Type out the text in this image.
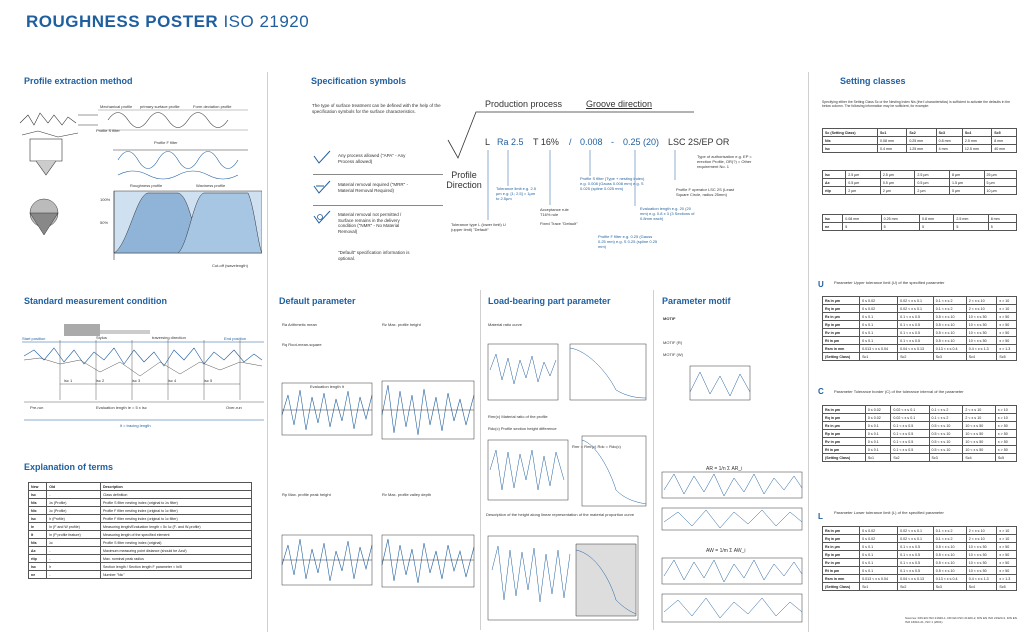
ROUGHNESS POSTER ISO 21920
Profile extraction method
Mechanical profile primary surface profile	Form deviation profile
Profile S filter
Profile F filter
Roughness profile	Waviness profile
100%
50%
Cut-off (wavelength)
Specification symbols
The type of surface treatment can be defined with the help of the specification symbols for the surface characteristics.
Any process allowed ("APA" - Any Process allowed)
Material removal required ("MRR" - Material Removal Required)
Material removal not permitted / Surface remains in the delivery condition ("NMR" - No Material Removal)
"Default" specification information is optional.
Production process	Groove direction
L Ra 2.5 T 16% / 0.008 - 0.25 (20) LSC 2S/EP OR
Profile Direction
Tolerance type L (lower limit) U (upper limit) "Default"
Tolerance limit e.g. 2.5 µm e.g. [1; 2.5] = 1µm to 2.5µm
Acceptance rule T16% rule
Fixed Trace "Default"
Profile S filter (Type + nesting index) e.g. 0.008 (Gauss 0.008 mm) e.g. S 0.025 (spline 0.025 mm)
Evaluation length e.g. 20 (20 mm) e.g. 0.8 x 3 (3 Sections of 0.8mm each)
Profile F filter e.g. 0.25 (Gauss 0.25 mm) e.g. S 0.25 (spline 0.25 mm)
Profile F operator LSC 2S (Least Square Circle, radius 25mm)
Type of authorisation e.g. EP = erection Profile, OR(?) = Other requirement No. 1
Setting classes
Specifying either the Setting Class Sc or the Nesting Index Nis (the f-characteristics) is sufficient to activate the defaults in the below column. The following information may be sufficient, for example:
Sc (Setting Class)	Sc1	Sc2	Sc3	Sc4	Sc5
Nis	0.08 mm	0.25 mm	0.8 mm	2.5 mm	8 mm
lsc	0.4 mm	1.25 mm	4 mm	12.5 mm	40 mm
lsc	2.5 µm	2.5 µm	2.5 µm	8 µm	25 µm
Δx	0.5 µm	0.5 µm	0.5 µm	1.5 µm	5 µm
rtip	2 µm	2 µm	2 µm	5 µm	10 µm
lsc	0.08 mm	0.25 mm	0.8 mm	2.5 mm	8 mm
ne	5	5	5	5	5
U	Parameter Upper tolerance limit (U) of the specified parameter
Ra in µm	0 ≤ 0.02	0.02 < x ≤ 0.1	0.1 < x ≤ 2	2 < x ≤ 10	x > 10
Rq in µm	0 ≤ 0.02	0.02 < x ≤ 0.1	0.1 < x ≤ 2	2 < x ≤ 10	x > 10
Rz in µm	0 ≤ 0.1	0.1 < x ≤ 0.5	0.5 < x ≤ 10	10 < x ≤ 50	x > 50
Rp in µm	0 ≤ 0.1	0.1 < x ≤ 0.5	0.5 < x ≤ 10	10 < x ≤ 50	x > 50
Rv in µm	0 ≤ 0.1	0.1 < x ≤ 0.5	0.5 < x ≤ 10	10 < x ≤ 50	x > 50
Rt in µm	0 ≤ 0.1	0.1 < x ≤ 0.5	0.5 < x ≤ 10	10 < x ≤ 50	x > 50
Rsm in mm	0.013 < x ≤ 0.04	0.04 < x ≤ 0.13	0.13 < x ≤ 0.4	0.4 < x ≤ 1.3	x > 1.3
(Setting Class)	Sc1	Sc2	Sc3	Sc4	Sc5
C	Parameter Tolerance border (C) of the tolerance interval of the parameter
Ra in µm	0 ≤ 0.02	0.02 < x ≤ 0.1	0.1 < x ≤ 2	2 < x ≤ 10	x > 10
Rq in µm	0 ≤ 0.02	0.02 < x ≤ 0.1	0.1 < x ≤ 2	2 < x ≤ 10	x > 10
Rz in µm	0 ≤ 0.1	0.1 < x ≤ 0.5	0.5 < x ≤ 10	10 < x ≤ 50	x > 50
Rp in µm	0 ≤ 0.1	0.1 < x ≤ 0.5	0.5 < x ≤ 10	10 < x ≤ 50	x > 50
Rv in µm	0 ≤ 0.1	0.1 < x ≤ 0.5	0.5 < x ≤ 10	10 < x ≤ 50	x > 50
Rt in µm	0 ≤ 0.1	0.1 < x ≤ 0.5	0.5 < x ≤ 10	10 < x ≤ 50	x > 50
(Setting Class)	Sc1	Sc2	Sc3	Sc4	Sc5
L	Parameter Lower tolerance limit (L) of the specified parameter
Ra in µm	0 ≤ 0.02	0.02 < x ≤ 0.1	0.1 < x ≤ 2	2 < x ≤ 10	x > 10
Rq in µm	0 ≤ 0.02	0.02 < x ≤ 0.1	0.1 < x ≤ 2	2 < x ≤ 10	x > 10
Rz in µm	0 ≤ 0.1	0.1 < x ≤ 0.5	0.5 < x ≤ 10	10 < x ≤ 50	x > 50
Rp in µm	0 ≤ 0.1	0.1 < x ≤ 0.5	0.5 < x ≤ 10	10 < x ≤ 50	x > 50
Rv in µm	0 ≤ 0.1	0.1 < x ≤ 0.5	0.5 < x ≤ 10	10 < x ≤ 50	x > 50
Rt in µm	0 ≤ 0.1	0.1 < x ≤ 0.5	0.5 < x ≤ 10	10 < x ≤ 50	x > 50
Rsm in mm	0.013 < x ≤ 0.04	0.04 < x ≤ 0.13	0.13 < x ≤ 0.4	0.4 < x ≤ 1.3	x > 1.3
(Setting Class)	Sc1	Sc2	Sc3	Sc4	Sc5
Sources: DIN EN ISO 21920-1, DIN EN ISO 21920-2, DIN EN ISO 21920-3, DIN EN ISO 16610-21, ISO 1 (2001)
Standard measurement condition
Start position	Stylus	traversing direction	End position
lsc 1	lsc 2	lsc 3	lsc 4	lsc 5
Pre-run	Evaluation length le = 5 x lsc	Over-run
lt = tracing length
Explanation of terms
New	Old	Description
lsc	-	Class definition
Nis	λs (Profile)	Profile S filter nesting index (original to λs filter)
Nic	λc (Profile)	Profile F filter nesting index (original to λc filter)
lsc	lr (Profile)	Profile F filter nesting index (original to λc filter)
le	ln (F and W profile)	Measuring length/Evaluation length ≈ 5x λc (F- and W-profile)
lt	ln (P profile feature)	Measuring length of the specified element
Nis	λc	Profile S filter nesting index (original)
Δx	-	Maximum measuring point distance (should be Δx≤f)
rtip	-	Max. nominal peak radius
lsc	lr	Section length / Section length F parameter ≈ ln/5
ne	-	Number "Nic"
Default parameter
Ra Arithmetic mean
Rq Root-mean-square
Rz Max. profile height
Rp Max. profile peak height	Rv Max. profile valley depth
Evaluation length lt
Load-bearing part parameter
Material ratio curve
Rmr(c) Material ratio of the profile
Rdc(c) Profile section height difference
Rmr = Rmr(c) Rdc = Rdc(c)
Description of the height along linear representation of the material proportion curve
Parameter motif
MOTIF
MOTIF (R)
MOTIF (W)
AR = 1/n Σ AR_i
AW = 1/m Σ AW_i
